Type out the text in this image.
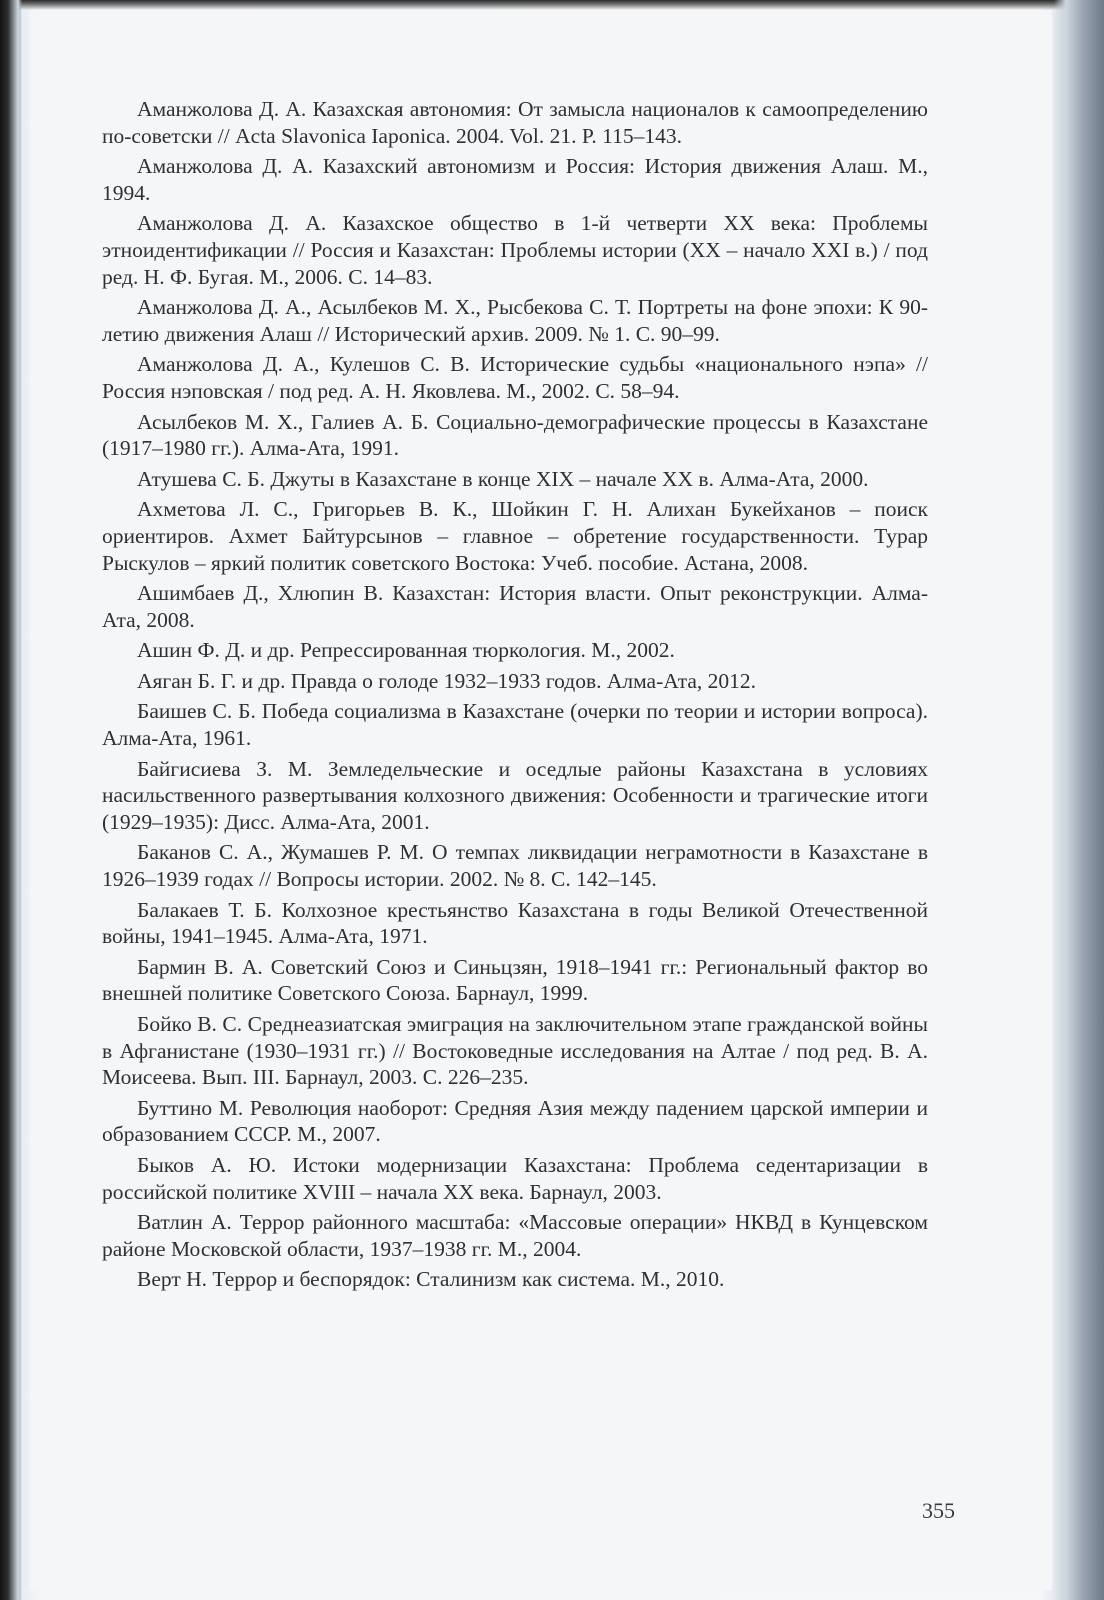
Аманжолова Д. А. Казахская автономия: От замысла националов к самоопределению по-советски // Acta Slavonica Iaponica. 2004. Vol. 21. P. 115–143.

Аманжолова Д. А. Казахский автономизм и Россия: История движения Алаш. М., 1994.

Аманжолова Д. А. Казахское общество в 1-й четверти XX века: Проблемы этноидентификации // Россия и Казахстан: Проблемы истории (XX – начало XXI в.) / под ред. Н. Ф. Бугая. М., 2006. С. 14–83.

Аманжолова Д. А., Асылбеков М. Х., Рысбекова С. Т. Портреты на фоне эпохи: К 90-летию движения Алаш // Исторический архив. 2009. № 1. С. 90–99.

Аманжолова Д. А., Кулешов С. В. Исторические судьбы «национального нэпа» // Россия нэповская / под ред. А. Н. Яковлева. М., 2002. С. 58–94.

Асылбеков М. Х., Галиев А. Б. Социально-демографические процессы в Казахстане (1917–1980 гг.). Алма-Ата, 1991.

Атушева С. Б. Джуты в Казахстане в конце XIX – начале XX в. Алма-Ата, 2000.

Ахметова Л. С., Григорьев В. К., Шойкин Г. Н. Алихан Букейханов – поиск ориентиров. Ахмет Байтурсынов – главное – обретение государственности. Турар Рыскулов – яркий политик советского Востока: Учеб. пособие. Астана, 2008.

Ашимбаев Д., Хлюпин В. Казахстан: История власти. Опыт реконструкции. Алма-Ата, 2008.

Ашин Ф. Д. и др. Репрессированная тюркология. М., 2002.

Аяган Б. Г. и др. Правда о голоде 1932–1933 годов. Алма-Ата, 2012.

Баишев С. Б. Победа социализма в Казахстане (очерки по теории и истории вопроса). Алма-Ата, 1961.

Байгисиева З. М. Земледельческие и оседлые районы Казахстана в условиях насильственного развертывания колхозного движения: Особенности и трагические итоги (1929–1935): Дисс. Алма-Ата, 2001.

Баканов С. А., Жумашев Р. М. О темпах ликвидации неграмотности в Казахстане в 1926–1939 годах // Вопросы истории. 2002. № 8. С. 142–145.

Балакаев Т. Б. Колхозное крестьянство Казахстана в годы Великой Отечественной войны, 1941–1945. Алма-Ата, 1971.

Бармин В. А. Советский Союз и Синьцзян, 1918–1941 гг.: Региональный фактор во внешней политике Советского Союза. Барнаул, 1999.

Бойко В. С. Среднеазиатская эмиграция на заключительном этапе гражданской войны в Афганистане (1930–1931 гг.) // Востоковедные исследования на Алтае / под ред. В. А. Моисеева. Вып. III. Барнаул, 2003. С. 226–235.

Буттино М. Революция наоборот: Средняя Азия между падением царской империи и образованием СССР. М., 2007.

Быков А. Ю. Истоки модернизации Казахстана: Проблема седентаризации в российской политике XVIII – начала XX века. Барнаул, 2003.

Ватлин А. Террор районного масштаба: «Массовые операции» НКВД в Кунцевском районе Московской области, 1937–1938 гг. М., 2004.

Верт Н. Террор и беспорядок: Сталинизм как система. М., 2010.

355
